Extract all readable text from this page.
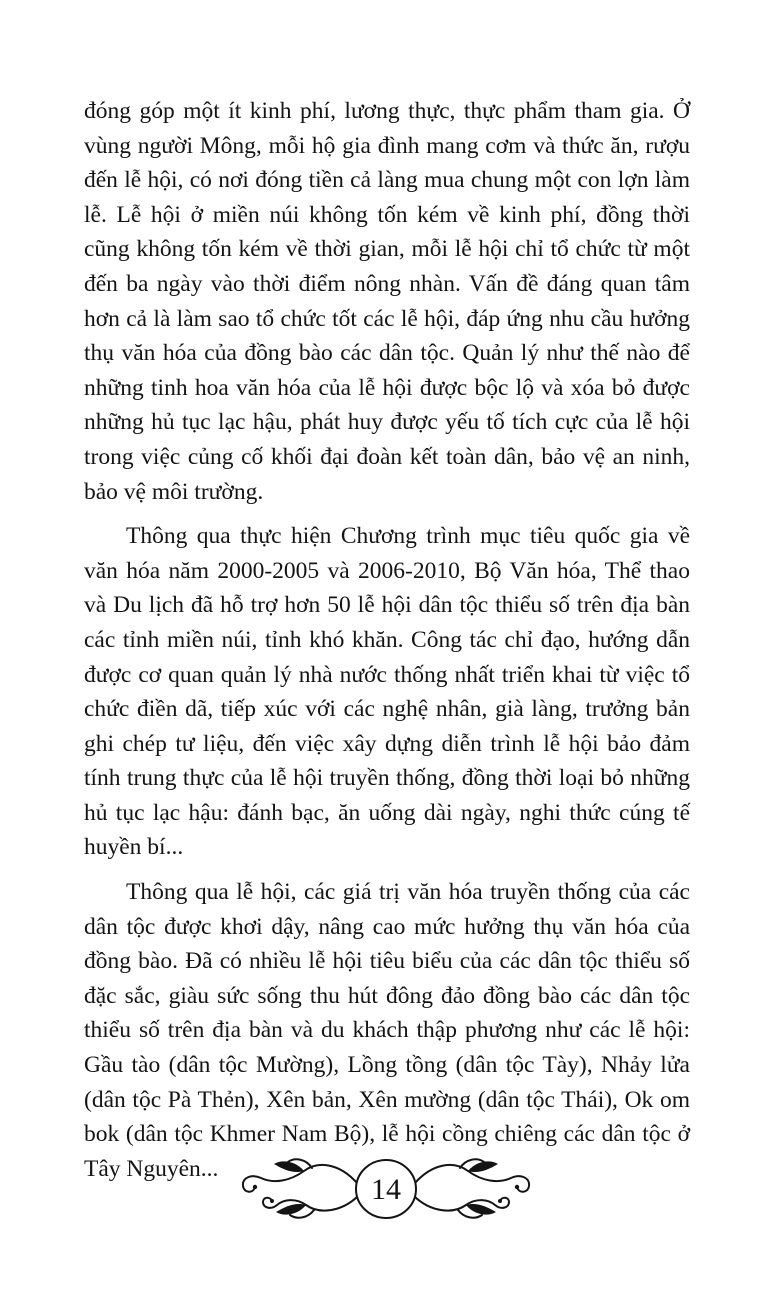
đóng góp một ít kinh phí, lương thực, thực phẩm tham gia. Ở vùng người Mông, mỗi hộ gia đình mang cơm và thức ăn, rượu đến lễ hội, có nơi đóng tiền cả làng mua chung một con lợn làm lễ. Lễ hội ở miền núi không tốn kém về kinh phí, đồng thời cũng không tốn kém về thời gian, mỗi lễ hội chỉ tổ chức từ một đến ba ngày vào thời điểm nông nhàn. Vấn đề đáng quan tâm hơn cả là làm sao tổ chức tốt các lễ hội, đáp ứng nhu cầu hưởng thụ văn hóa của đồng bào các dân tộc. Quản lý như thế nào để những tinh hoa văn hóa của lễ hội được bộc lộ và xóa bỏ được những hủ tục lạc hậu, phát huy được yếu tố tích cực của lễ hội trong việc củng cố khối đại đoàn kết toàn dân, bảo vệ an ninh, bảo vệ môi trường.

Thông qua thực hiện Chương trình mục tiêu quốc gia về văn hóa năm 2000-2005 và 2006-2010, Bộ Văn hóa, Thể thao và Du lịch đã hỗ trợ hơn 50 lễ hội dân tộc thiểu số trên địa bàn các tỉnh miền núi, tỉnh khó khăn. Công tác chỉ đạo, hướng dẫn được cơ quan quản lý nhà nước thống nhất triển khai từ việc tổ chức điền dã, tiếp xúc với các nghệ nhân, già làng, trưởng bản ghi chép tư liệu, đến việc xây dựng diễn trình lễ hội bảo đảm tính trung thực của lễ hội truyền thống, đồng thời loại bỏ những hủ tục lạc hậu: đánh bạc, ăn uống dài ngày, nghi thức cúng tế huyền bí...

Thông qua lễ hội, các giá trị văn hóa truyền thống của các dân tộc được khơi dậy, nâng cao mức hưởng thụ văn hóa của đồng bào. Đã có nhiều lễ hội tiêu biểu của các dân tộc thiểu số đặc sắc, giàu sức sống thu hút đông đảo đồng bào các dân tộc thiểu số trên địa bàn và du khách thập phương như các lễ hội: Gầu tào (dân tộc Mường), Lồng tồng (dân tộc Tày), Nhảy lửa (dân tộc Pà Thẻn), Xên bản, Xên mường (dân tộc Thái), Ok om bok (dân tộc Khmer Nam Bộ), lễ hội cồng chiêng các dân tộc ở Tây Nguyên...

14
